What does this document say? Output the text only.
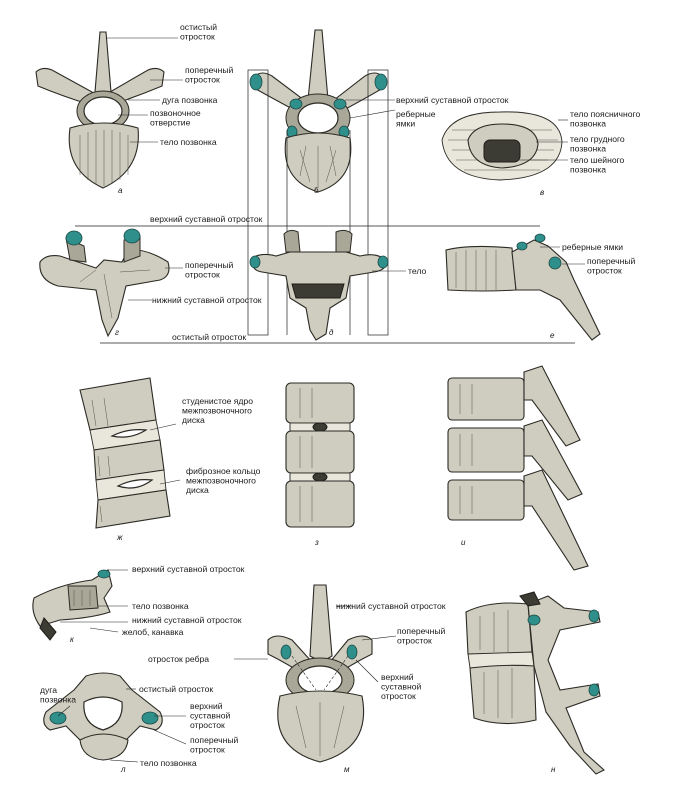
а
остистый отросток
поперечный отросток
дуга позвонка
позвоночное отверстие
тело позвонка
б
верхний суставной отросток
реберные ямки
в
тело поясничного позвонка
тело грудного позвонка
тело шейного позвонка
г
верхний суставной отросток
поперечный отросток
нижний суставной отросток
остистый отросток	д
тело
е
реберные ямки
поперечный отросток
ж
студенистое ядро межпозвоночного диска
фиброзное кольцо межпозвоночного диска
з	и
к
верхний суставной отросток
тело позвонка
нижний суставной отросток
желоб, канавка
л
остистый отросток
дуга позвонка
верхний суставной отросток
поперечный отросток
тело позвонка
м
отросток ребра
нижний суставной отросток
поперечный отросток
верхний суставной отросток
н
